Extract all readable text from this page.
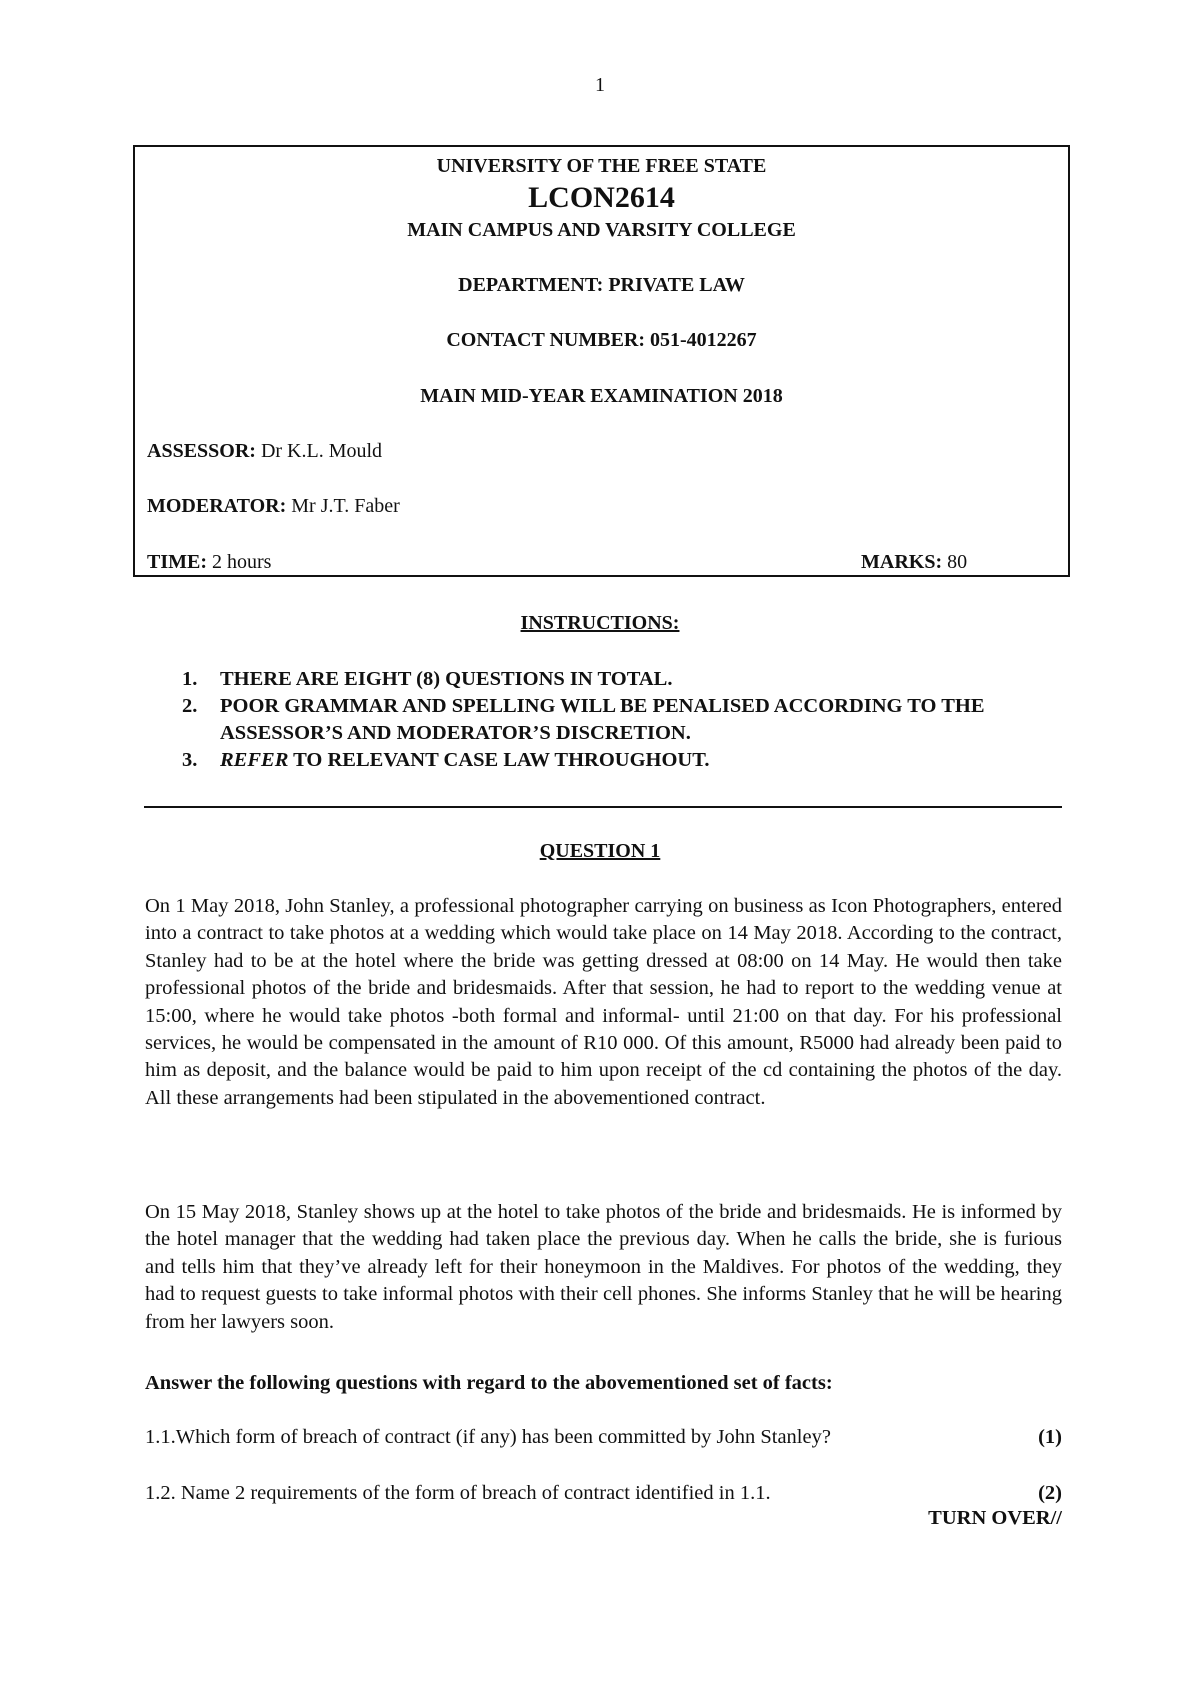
1
UNIVERSITY OF THE FREE STATE
LCON2614
MAIN CAMPUS AND VARSITY COLLEGE
DEPARTMENT: PRIVATE LAW
CONTACT NUMBER: 051-4012267
MAIN MID-YEAR EXAMINATION 2018
ASSESSOR: Dr K.L. Mould
MODERATOR: Mr J.T. Faber
TIME: 2 hours	MARKS: 80
INSTRUCTIONS:
1. THERE ARE EIGHT (8) QUESTIONS IN TOTAL.
2. POOR GRAMMAR AND SPELLING WILL BE PENALISED ACCORDING TO THE ASSESSOR’S AND MODERATOR’S DISCRETION.
3. REFER TO RELEVANT CASE LAW THROUGHOUT.
QUESTION 1
On 1 May 2018, John Stanley, a professional photographer carrying on business as Icon Photographers, entered into a contract to take photos at a wedding which would take place on 14 May 2018. According to the contract, Stanley had to be at the hotel where the bride was getting dressed at 08:00 on 14 May. He would then take professional photos of the bride and bridesmaids. After that session, he had to report to the wedding venue at 15:00, where he would take photos -both formal and informal- until 21:00 on that day. For his professional services, he would be compensated in the amount of R10 000. Of this amount, R5000 had already been paid to him as deposit, and the balance would be paid to him upon receipt of the cd containing the photos of the day. All these arrangements had been stipulated in the abovementioned contract.
On 15 May 2018, Stanley shows up at the hotel to take photos of the bride and bridesmaids. He is informed by the hotel manager that the wedding had taken place the previous day. When he calls the bride, she is furious and tells him that they’ve already left for their honeymoon in the Maldives. For photos of the wedding, they had to request guests to take informal photos with their cell phones. She informs Stanley that he will be hearing from her lawyers soon.
Answer the following questions with regard to the abovementioned set of facts:
1.1.Which form of breach of contract (if any) has been committed by John Stanley?	(1)
1.2. Name 2 requirements of the form of breach of contract identified in 1.1.	(2)
TURN OVER//
